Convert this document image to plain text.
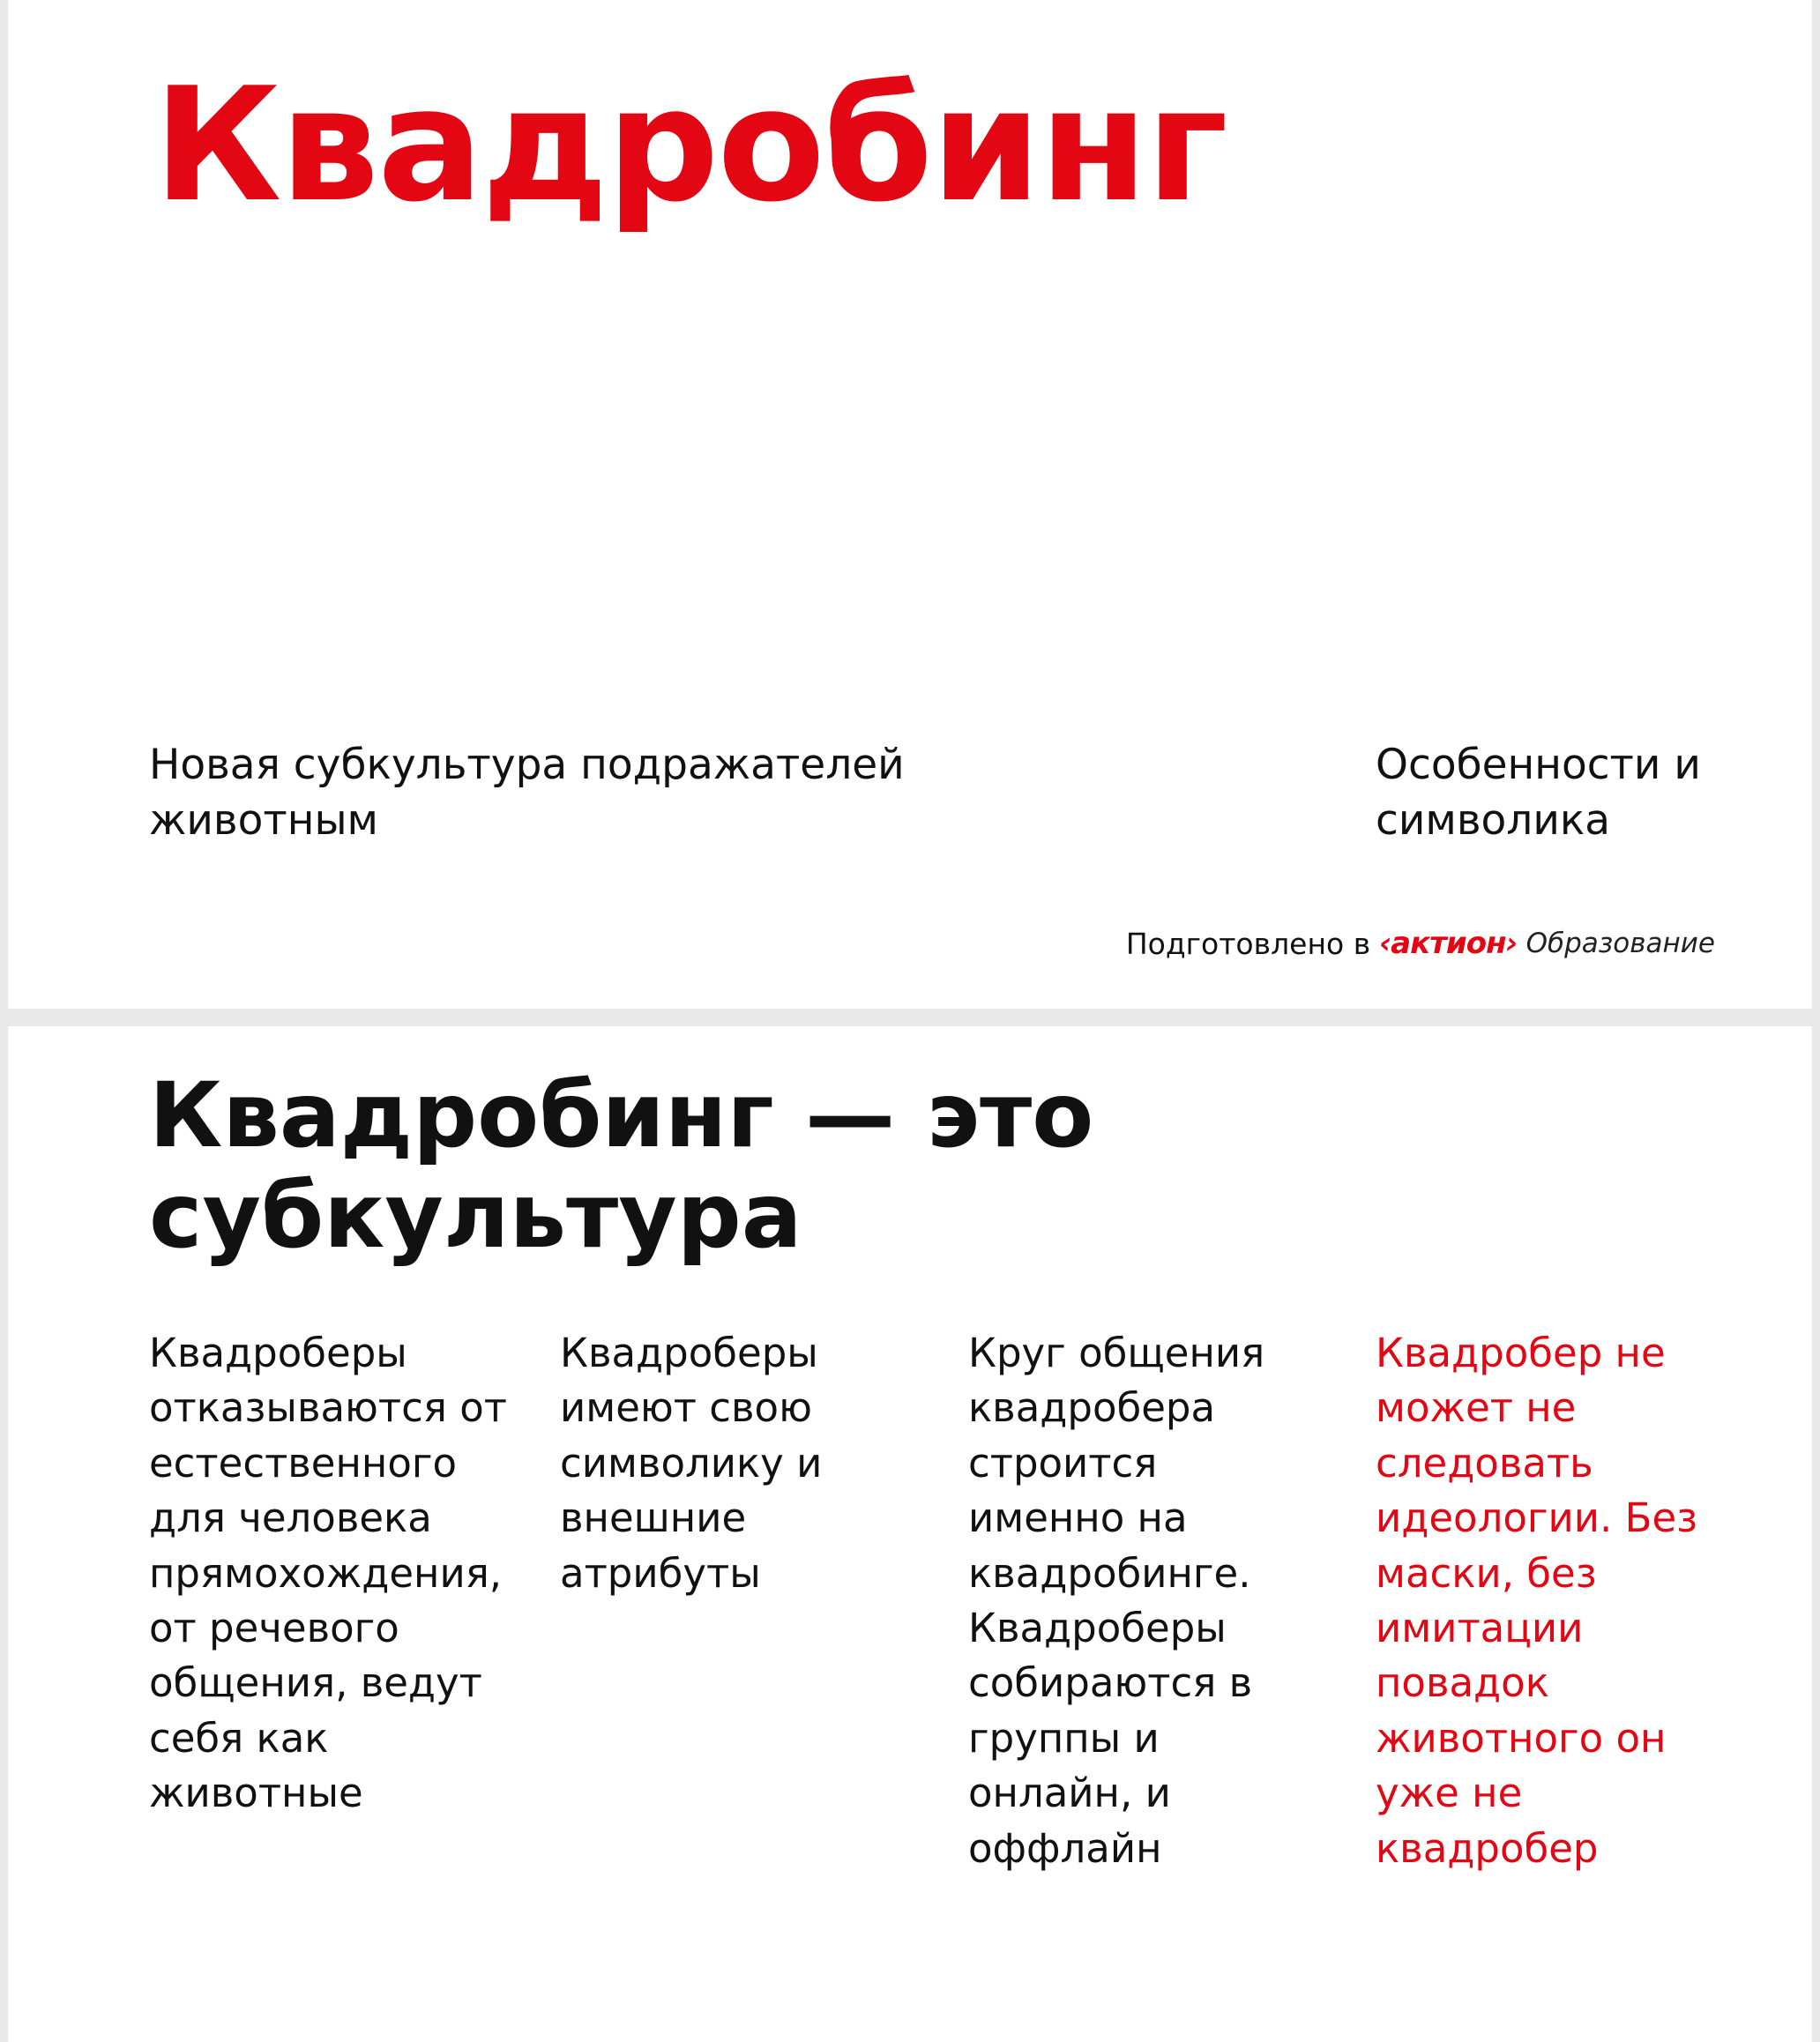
Квадробинг
Новая субкультура подражателей
животным
Особенности и
символика
Подготовлено в ‹актион› Образование
Квадробинг — это
субкультура
Квадроберы
отказываются от
естественного
для человека
прямохождения,
от речевого
общения, ведут
себя как
животные
Квадроберы
имеют свою
символику и
внешние
атрибуты
Круг общения
квадробера
строится
именно на
квадробинге.
Квадроберы
собираются в
группы и
онлайн, и
оффлайн
Квадробер не
может не
следовать
идеологии. Без
маски, без
имитации
повадок
животного он
уже не
квадробер
